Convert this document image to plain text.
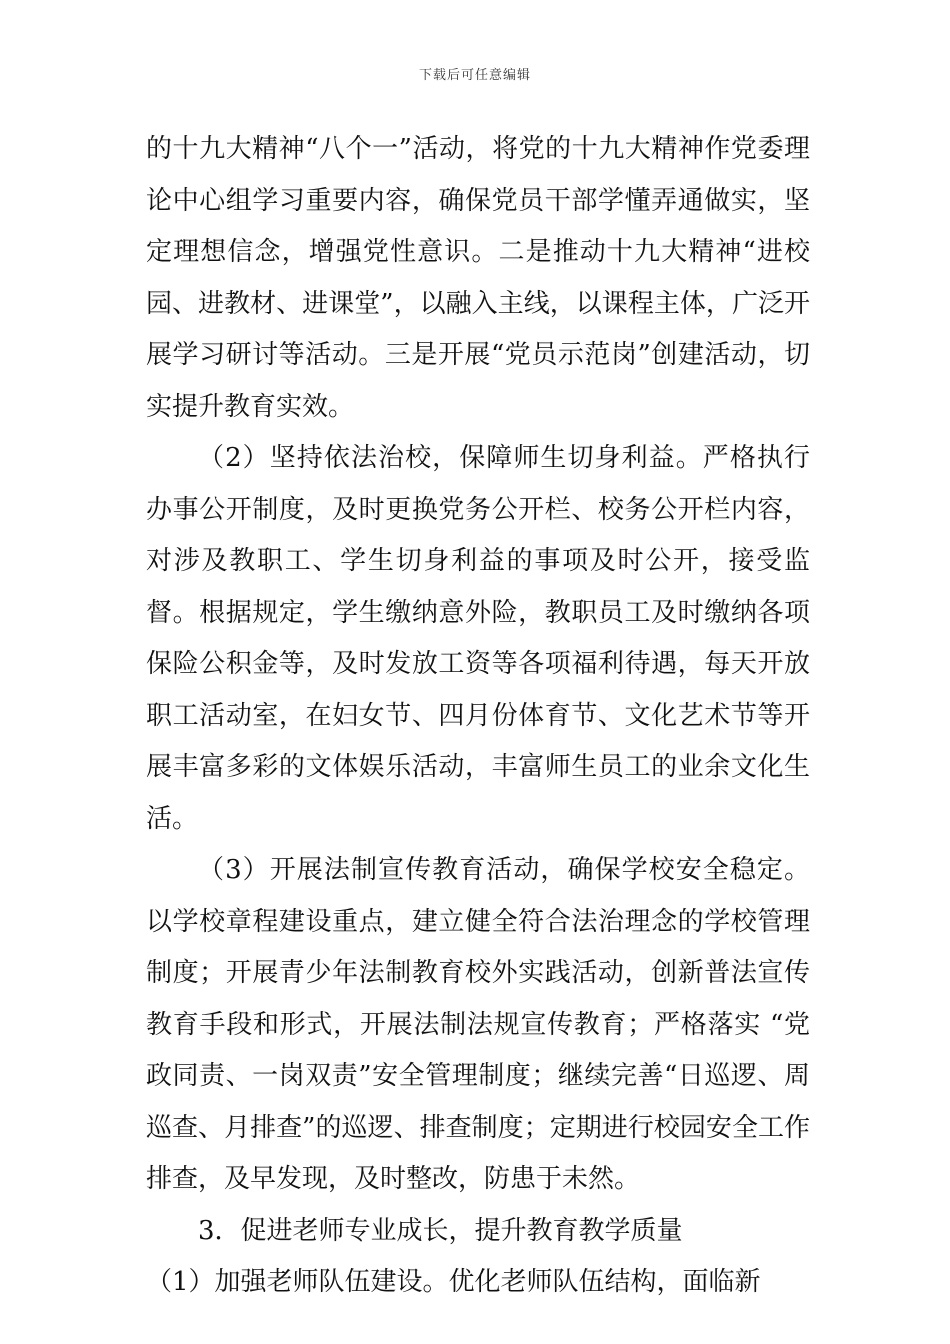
下载后可任意编辑

的十九大精神“八个一”活动，将党的十九大精神作党委理论中心组学习重要内容，确保党员干部学懂弄通做实，坚定理想信念，增强党性意识。二是推动十九大精神“进校园、进教材、进课堂”，以融入主线，以课程主体，广泛开展学习研讨等活动。三是开展“党员示范岗”创建活动，切实提升教育实效。

（2）坚持依法治校，保障师生切身利益。严格执行办事公开制度，及时更换党务公开栏、校务公开栏内容，对涉及教职工、学生切身利益的事项及时公开，接受监督。根据规定，学生缴纳意外险，教职员工及时缴纳各项保险公积金等，及时发放工资等各项福利待遇，每天开放职工活动室，在妇女节、四月份体育节、文化艺术节等开展丰富多彩的文体娱乐活动，丰富师生员工的业余文化生活。

（3）开展法制宣传教育活动，确保学校安全稳定。以学校章程建设重点，建立健全符合法治理念的学校管理制度；开展青少年法制教育校外实践活动，创新普法宣传教育手段和形式，开展法制法规宣传教育；严格落实 “党政同责、一岗双责”安全管理制度；继续完善“日巡逻、周巡查、月排查”的巡逻、排查制度；定期进行校园安全工作排查，及早发现，及时整改，防患于未然。

3．促进老师专业成长，提升教育教学质量

（1）加强老师队伍建设。优化老师队伍结构，面临新
